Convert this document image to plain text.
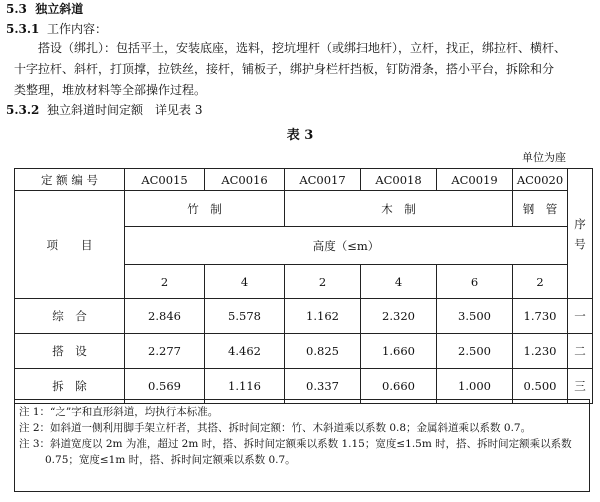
5.3 独立斜道
5.3.1 工作内容：

搭设（绑扎）：包括平土，安装底座，选料，挖坑埋杆（或绑扫地杆），立杆，找正，绑拉杆、横杆、

十字拉杆、斜杆，打顶撑，拉铁丝，接杆，铺板子，绑护身栏杆挡板，钉防滑条，搭小平台，拆除和分
类整理，堆放材料等全部操作过程。
5.3.2 独立斜道时间定额　详见表 3
表 3
单位为座
定 额 编 号	AC0015	AC0016	AC0017	AC0018	AC0019	AC0020	序
号
项　　目	竹　制		木　制			钢　管	
	高度（≤m）						
	2	4	2	4	6	2	
综　合	2.846	5.578	1.162	2.320	3.500	1.730	一
搭　设	2.277	4.462	0.825	1.660	2.500	1.230	二
拆　除	0.569	1.116	0.337	0.660	1.000	0.500	三
注 1：“之”字和直形斜道，均执行本标准。
注 2：如斜道一侧利用脚手架立杆者，其搭、拆时间定额：竹、木斜道乘以系数 0.8；金属斜道乘以系数 0.7。
注 3：斜道宽度以 2m 为准，超过 2m 时，搭、拆时间定额乘以系数 1.15；宽度≤1.5m 时，搭、拆时间定额乘以系数
0.75；宽度≤1m 时，搭、拆时间定额乘以系数 0.7。
